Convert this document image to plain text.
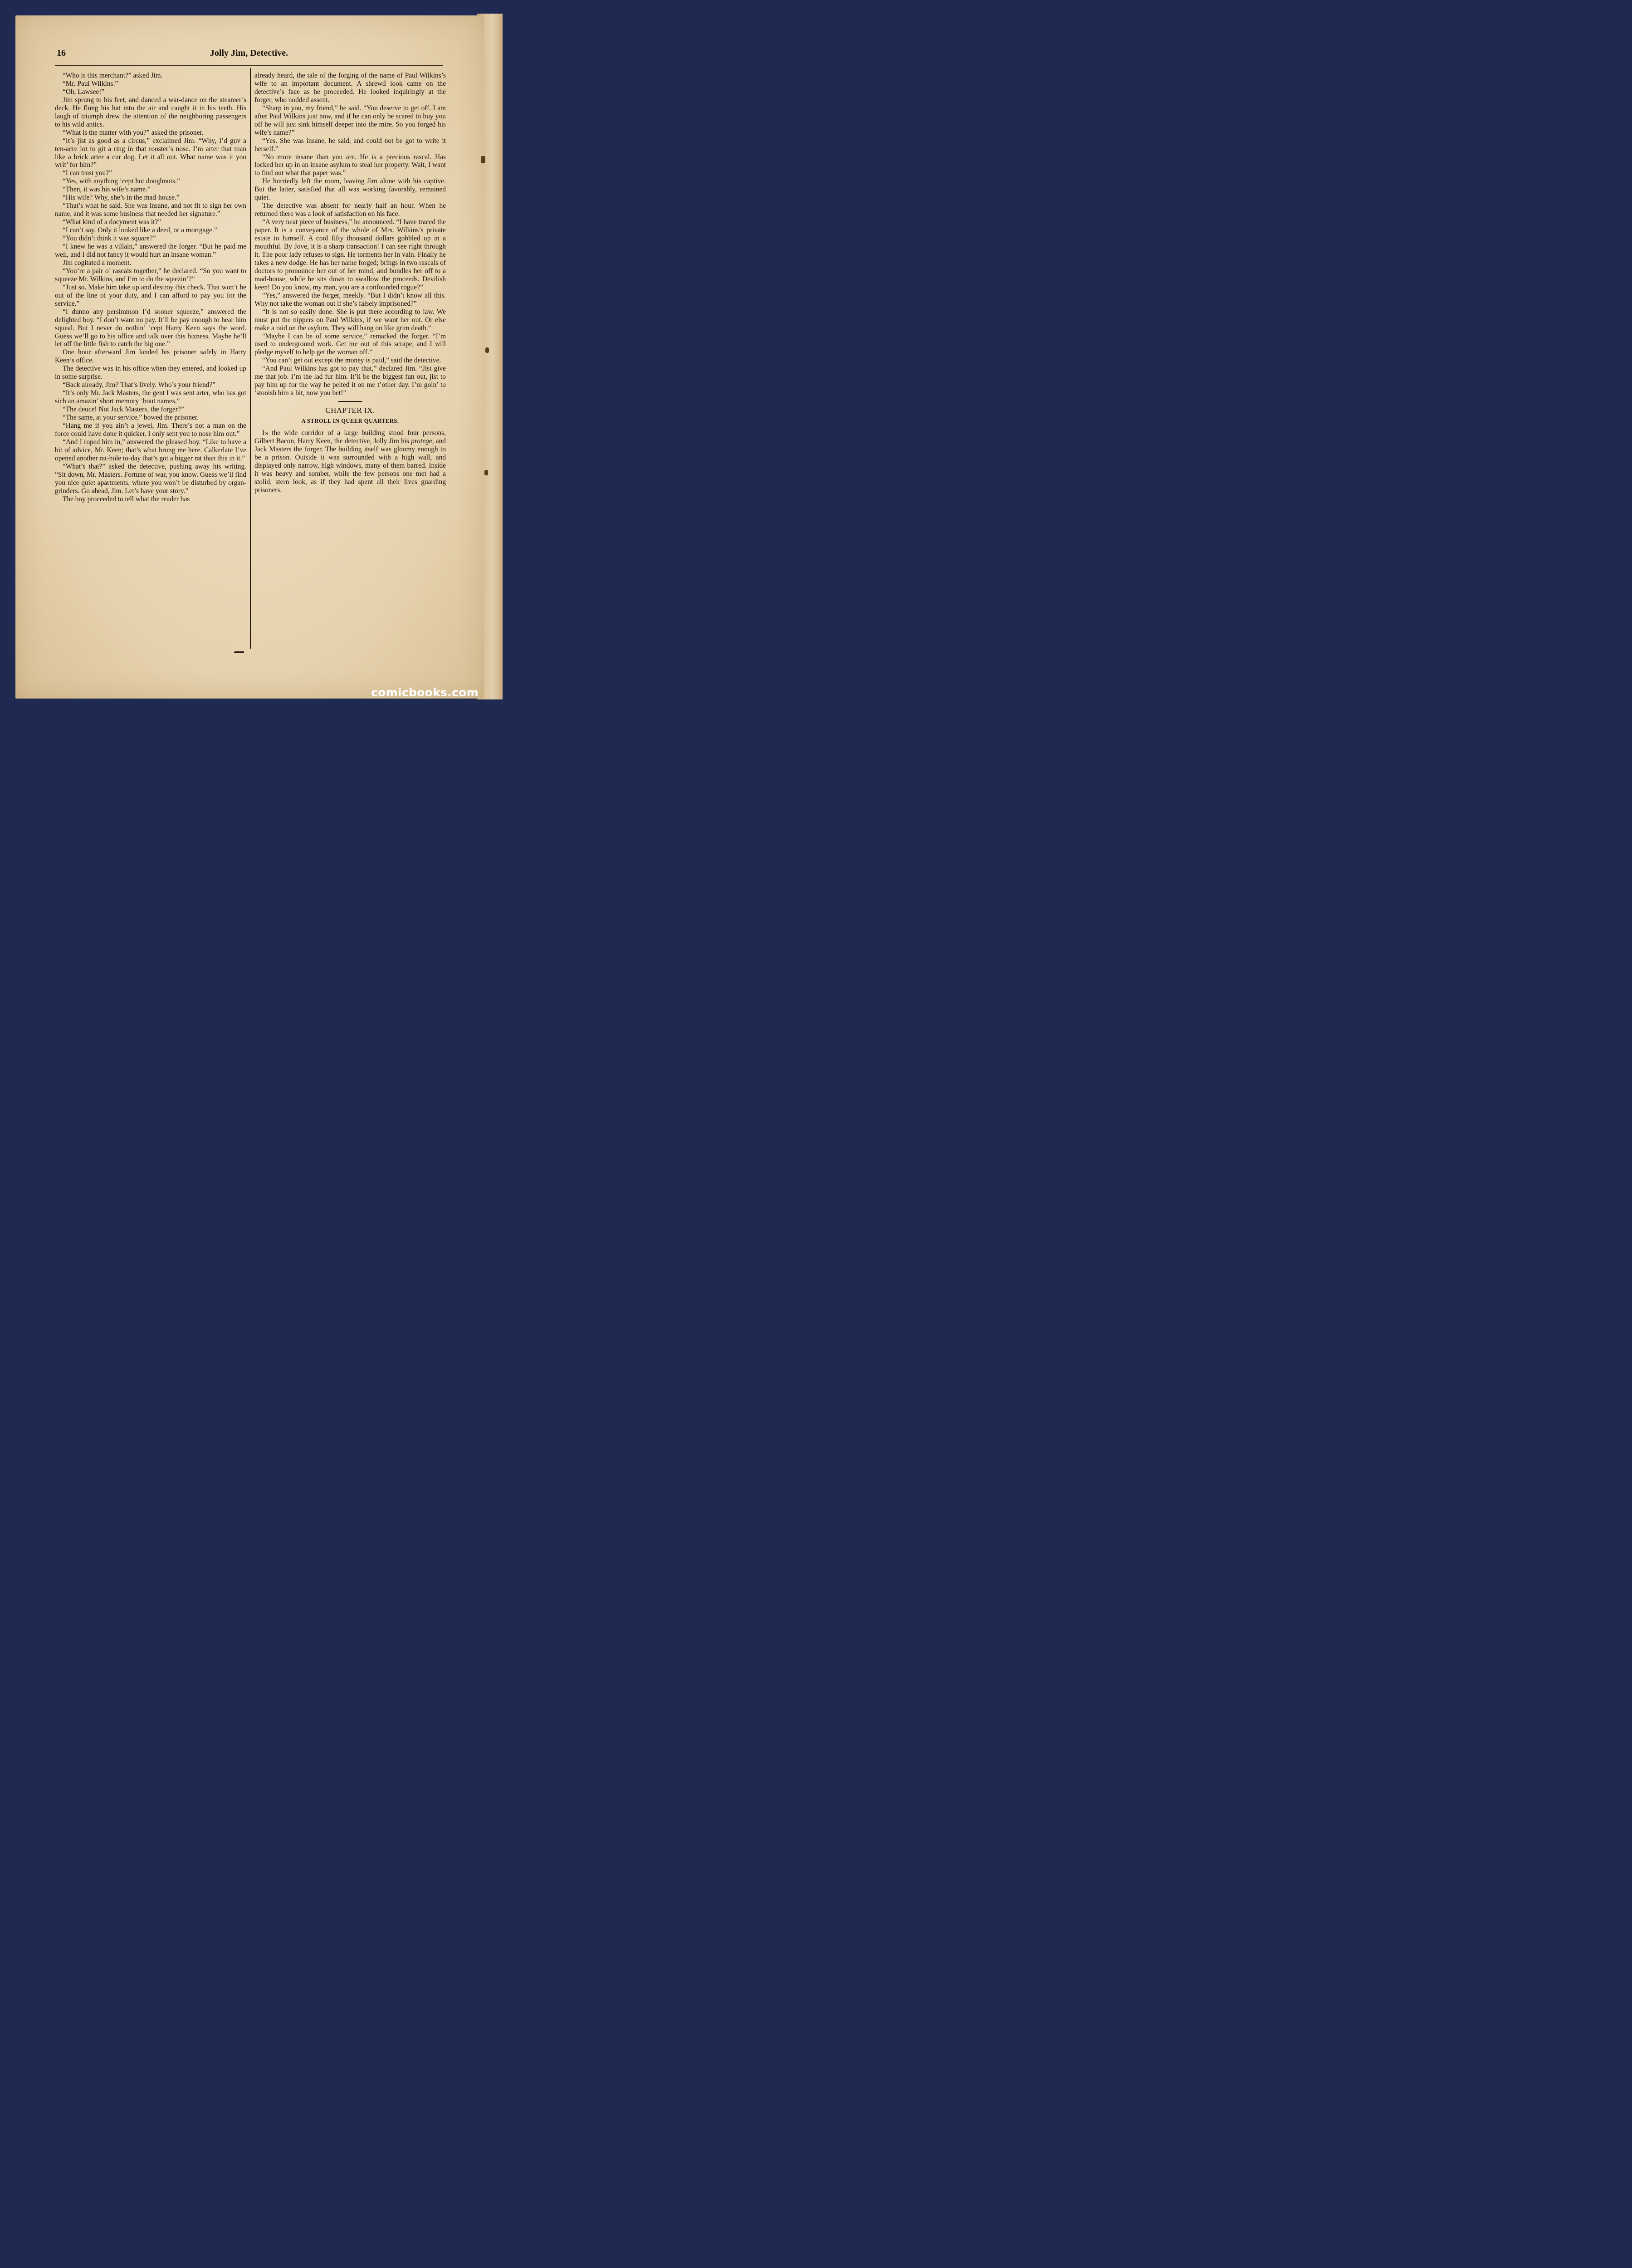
16	Jolly Jim, Detective.

“Who is this merchant?” asked Jim.

“Mr. Paul Wilkins.”

“Oh, Lawsee!”

Jim sprung to his feet, and danced a war-dance on the steamer’s deck. He flung his hat into the air and caught it in his teeth. His laugh of triumph drew the attention of the neighboring passengers to his wild antics.

“What is the matter with you?” asked the prisoner.

“It’s jist as good as a circus,” exclaimed Jim. “Why, I’d guv a ten-acre lot to git a ring in that rooster’s nose. I’m arter that man like a brick arter a cur dog. Let it all out. What name was it you writ’ for him?”

“I can trust you?”

“Yes, with anything ’cept hot doughnuts.”

“Then, it was his wife’s name.”

“His wife? Why, she’s in the mad-house.”

“That’s what he said. She was insane, and not fit to sign her own name, and it was some business that needed her signature.”

“What kind of a docyment was it?”

“I can’t say. Only it looked like a deed, or a mortgage.”

“You didn’t think it was square?”

“I knew he was a villain,” answered the forger. “But he paid me well, and I did not fancy it would hurt an insane woman.”

Jim cogitated a moment.

“You’re a pair o’ rascals together,” he declared. “So you want to squeeze Mr. Wilkins, and I’m to do the sqeezin’?”

“Just so. Make him take up and destroy this check. That won’t be out of the line of your duty, and I can afford to pay you for the service.”

“I dunno any persimmon I’d sooner squeeze,” answered the delighted boy. “I don’t want no pay. It’ll be pay enough to hear him squeal. But I never do nothin’ ’cept Harry Keen says the word. Guess we’ll go to his office and talk over this bizness. Maybe he’ll let off the little fish to catch the big one.”

One hour afterward Jim landed his prisoner safely in Harry Keen’s office.

The detective was in his office when they entered, and looked up in some surprise.

“Back already, Jim? That’s lively. Who’s your friend?”

“It’s only Mr. Jack Masters, the gent I was sent arter, who has got sich an amazin’ short memory ’bout names.”

“The deuce! Not Jack Masters, the forger?”

“The same, at your service,” bowed the prisoner.

“Hang me if you ain’t a jewel, Jim. There’s not a man on the force could have done it quicker. I only sent you to nose him out.”

“And I roped him in,” answered the pleased boy. “Like to have a bit of advice, Mr. Keen; that’s what brung me here. Calkerlate I’ve opened another rat-hole to-day that’s got a bigger rat than this in it.”

“What’s that?” asked the detective, pushing away his writing. “Sit down, Mr. Masters. Fortune of war, you know. Guess we’ll find you nice quiet apartments, where you won’t be disturbed by organ-grinders. Go ahead, Jim. Let’s have your story.”

The boy proceeded to tell what the reader has

already heard, the tale of the forging of the name of Paul Wilkins’s wife to an important document. A shrewd look came on the detective’s face as he proceeded. He looked inquiringly at the forger, who nodded assent.

“Sharp in you, my friend,” he said. “You deserve to get off. I am after Paul Wilkins just now, and if he can only be scared to buy you off he will just sink himself deeper into the mire. So you forged his wife’s name?”

“Yes. She was insane, he said, and could not be got to write it herself.”

“No more insane than you are. He is a precious rascal. Has locked her up in an insane asylum to steal her property. Wait, I want to find out what that paper was.”

He hurriedly left the room, leaving Jim alone with his captive. But the latter, satisfied that all was working favorably, remained quiet.

The detective was absent for nearly half an hour. When he returned there was a look of satisfaction on his face.

“A very neat piece of business,” he announced. “I have traced the paper. It is a conveyance of the whole of Mrs. Wilkins’s private estate to himself. A cool fifty thousand dollars gobbled up in a mouthful. By Jove, it is a sharp transaction! I can see right through it. The poor lady refuses to sign. He torments her in vain. Finally he takes a new dodge. He has her name forged; brings in two rascals of doctors to pronounce her out of her mind, and bundles her off to a mad-house, while he sits down to swallow the proceeds. Devilish keen! Do you know, my man, you are a confounded rogue?”

“Yes,” answered the forger, meekly. “But I didn’t know all this. Why not take the woman out if she’s falsely imprisoned?”

“It is not so easily done. She is put there according to law. We must put the nippers on Paul Wilkins, if we want her out. Or else make a raid on the asylum. They will hang on like grim death.”

“Maybe I can be of some service,” remarked the forger. “I’m used to underground work. Get me out of this scrape, and I will pledge myself to help get the woman off.”

“You can’t get out except the money is paid,” said the detective.

“And Paul Wilkins has got to pay that,” declared Jim. “Jist give me that job. I’m the lad fur him. It’ll be the biggest fun out, jist to pay him up for the way he pelted it on me t’other day. I’m goin’ to ’stonish him a bit, now you bet!”

CHAPTER IX.
A STROLL IN QUEER QUARTERS.

In the wide corridor of a large building stood four persons, Gilbert Bacon, Harry Keen, the detective, Jolly Jim his protege, and Jack Masters the forger. The building itself was gloomy enough to be a prison. Outside it was surrounded with a high wall, and displayed only narrow, high windows, many of them barred. Inside it was heavy and somber, while the few persons one met had a stolid, stern look, as if they had spent all their lives guarding prisoners.

comicbooks.com
